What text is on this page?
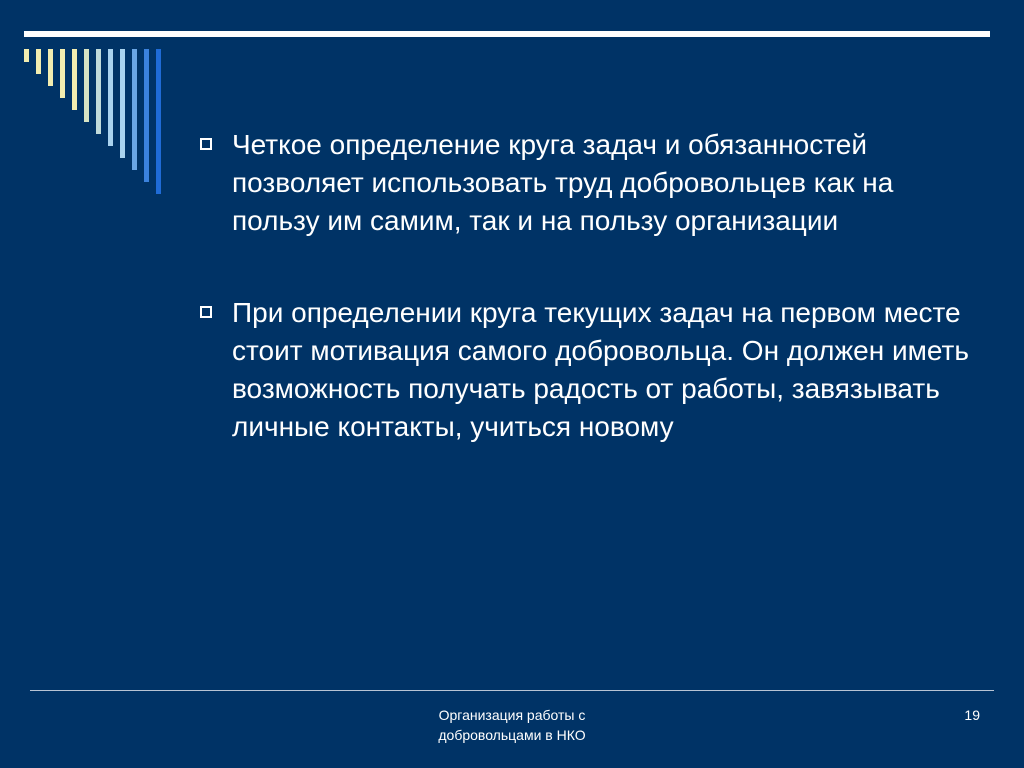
Четкое определение круга задач и обязанностей позволяет использовать труд добровольцев как на пользу им самим, так и на пользу организации
При определении круга текущих задач на первом месте стоит мотивация самого добровольца. Он должен иметь возможность получать радость от работы, завязывать личные контакты, учиться новому
Организация работы с добровольцами в НКО
19
